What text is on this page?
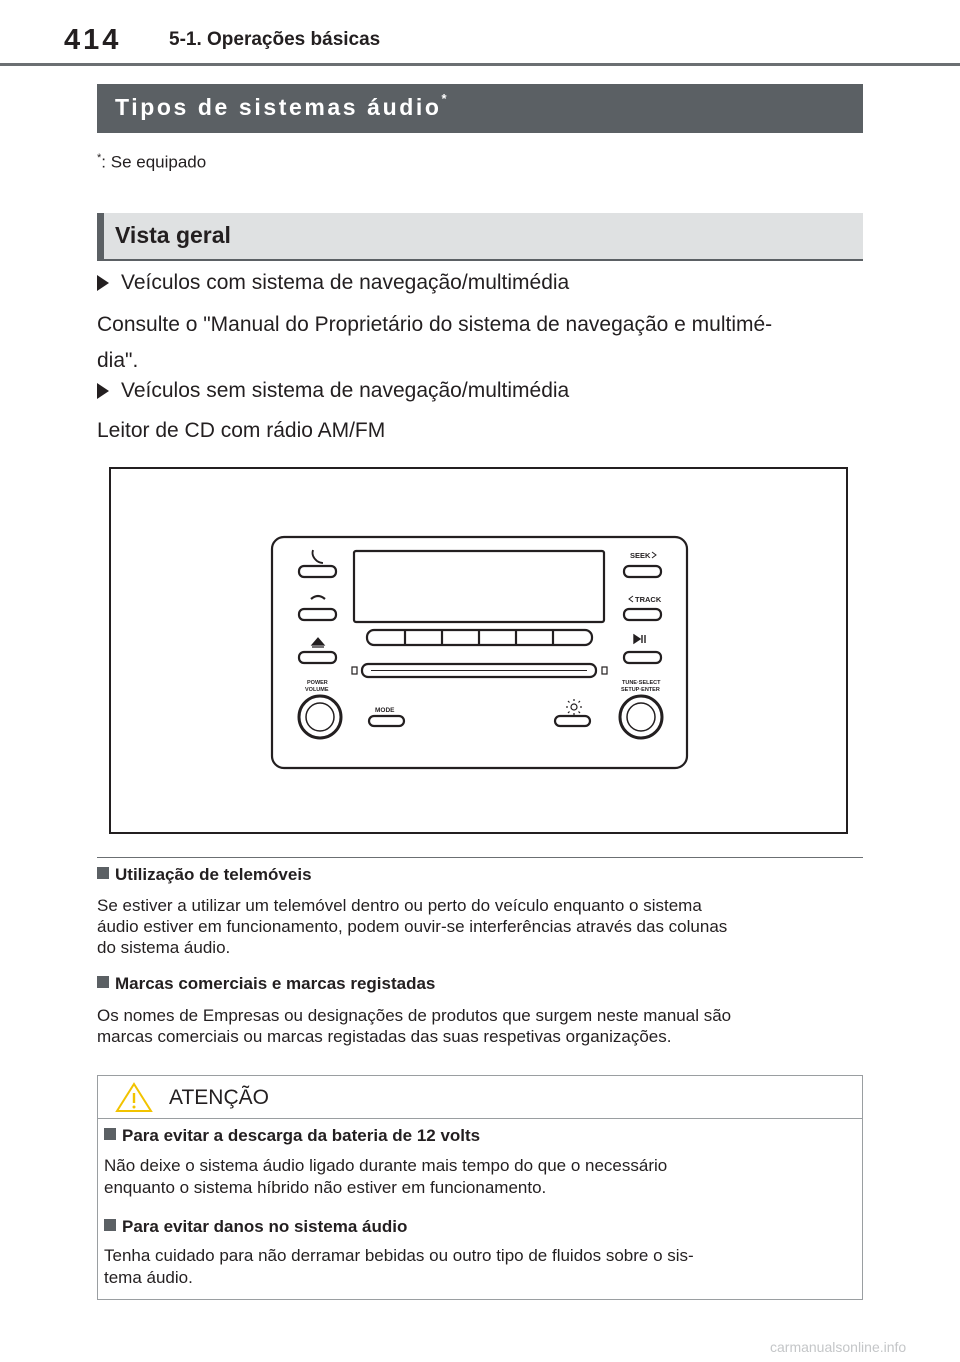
414	5-1. Operações básicas
Tipos de sistemas áudio*
*: Se equipado
Vista geral
Veículos com sistema de navegação/multimédia
Consulte o "Manual do Proprietário do sistema de navegação e multimé-
dia".
Veículos sem sistema de navegação/multimédia
Leitor de CD com rádio AM/FM
SEEK
TRACK
POWER
VOLUME
MODE
TUNE·SELECT
SETUP·ENTER
Utilização de telemóveis
Se estiver a utilizar um telemóvel dentro ou perto do veículo enquanto o sistema
áudio estiver em funcionamento, podem ouvir-se interferências através das colunas
do sistema áudio.
Marcas comerciais e marcas registadas
Os nomes de Empresas ou designações de produtos que surgem neste manual são
marcas comerciais ou marcas registadas das suas respetivas organizações.
ATENÇÃO
Para evitar a descarga da bateria de 12 volts
Não deixe o sistema áudio ligado durante mais tempo do que o necessário
enquanto o sistema híbrido não estiver em funcionamento.
Para evitar danos no sistema áudio
Tenha cuidado para não derramar bebidas ou outro tipo de fluidos sobre o sis-
tema áudio.
carmanualsonline.info
